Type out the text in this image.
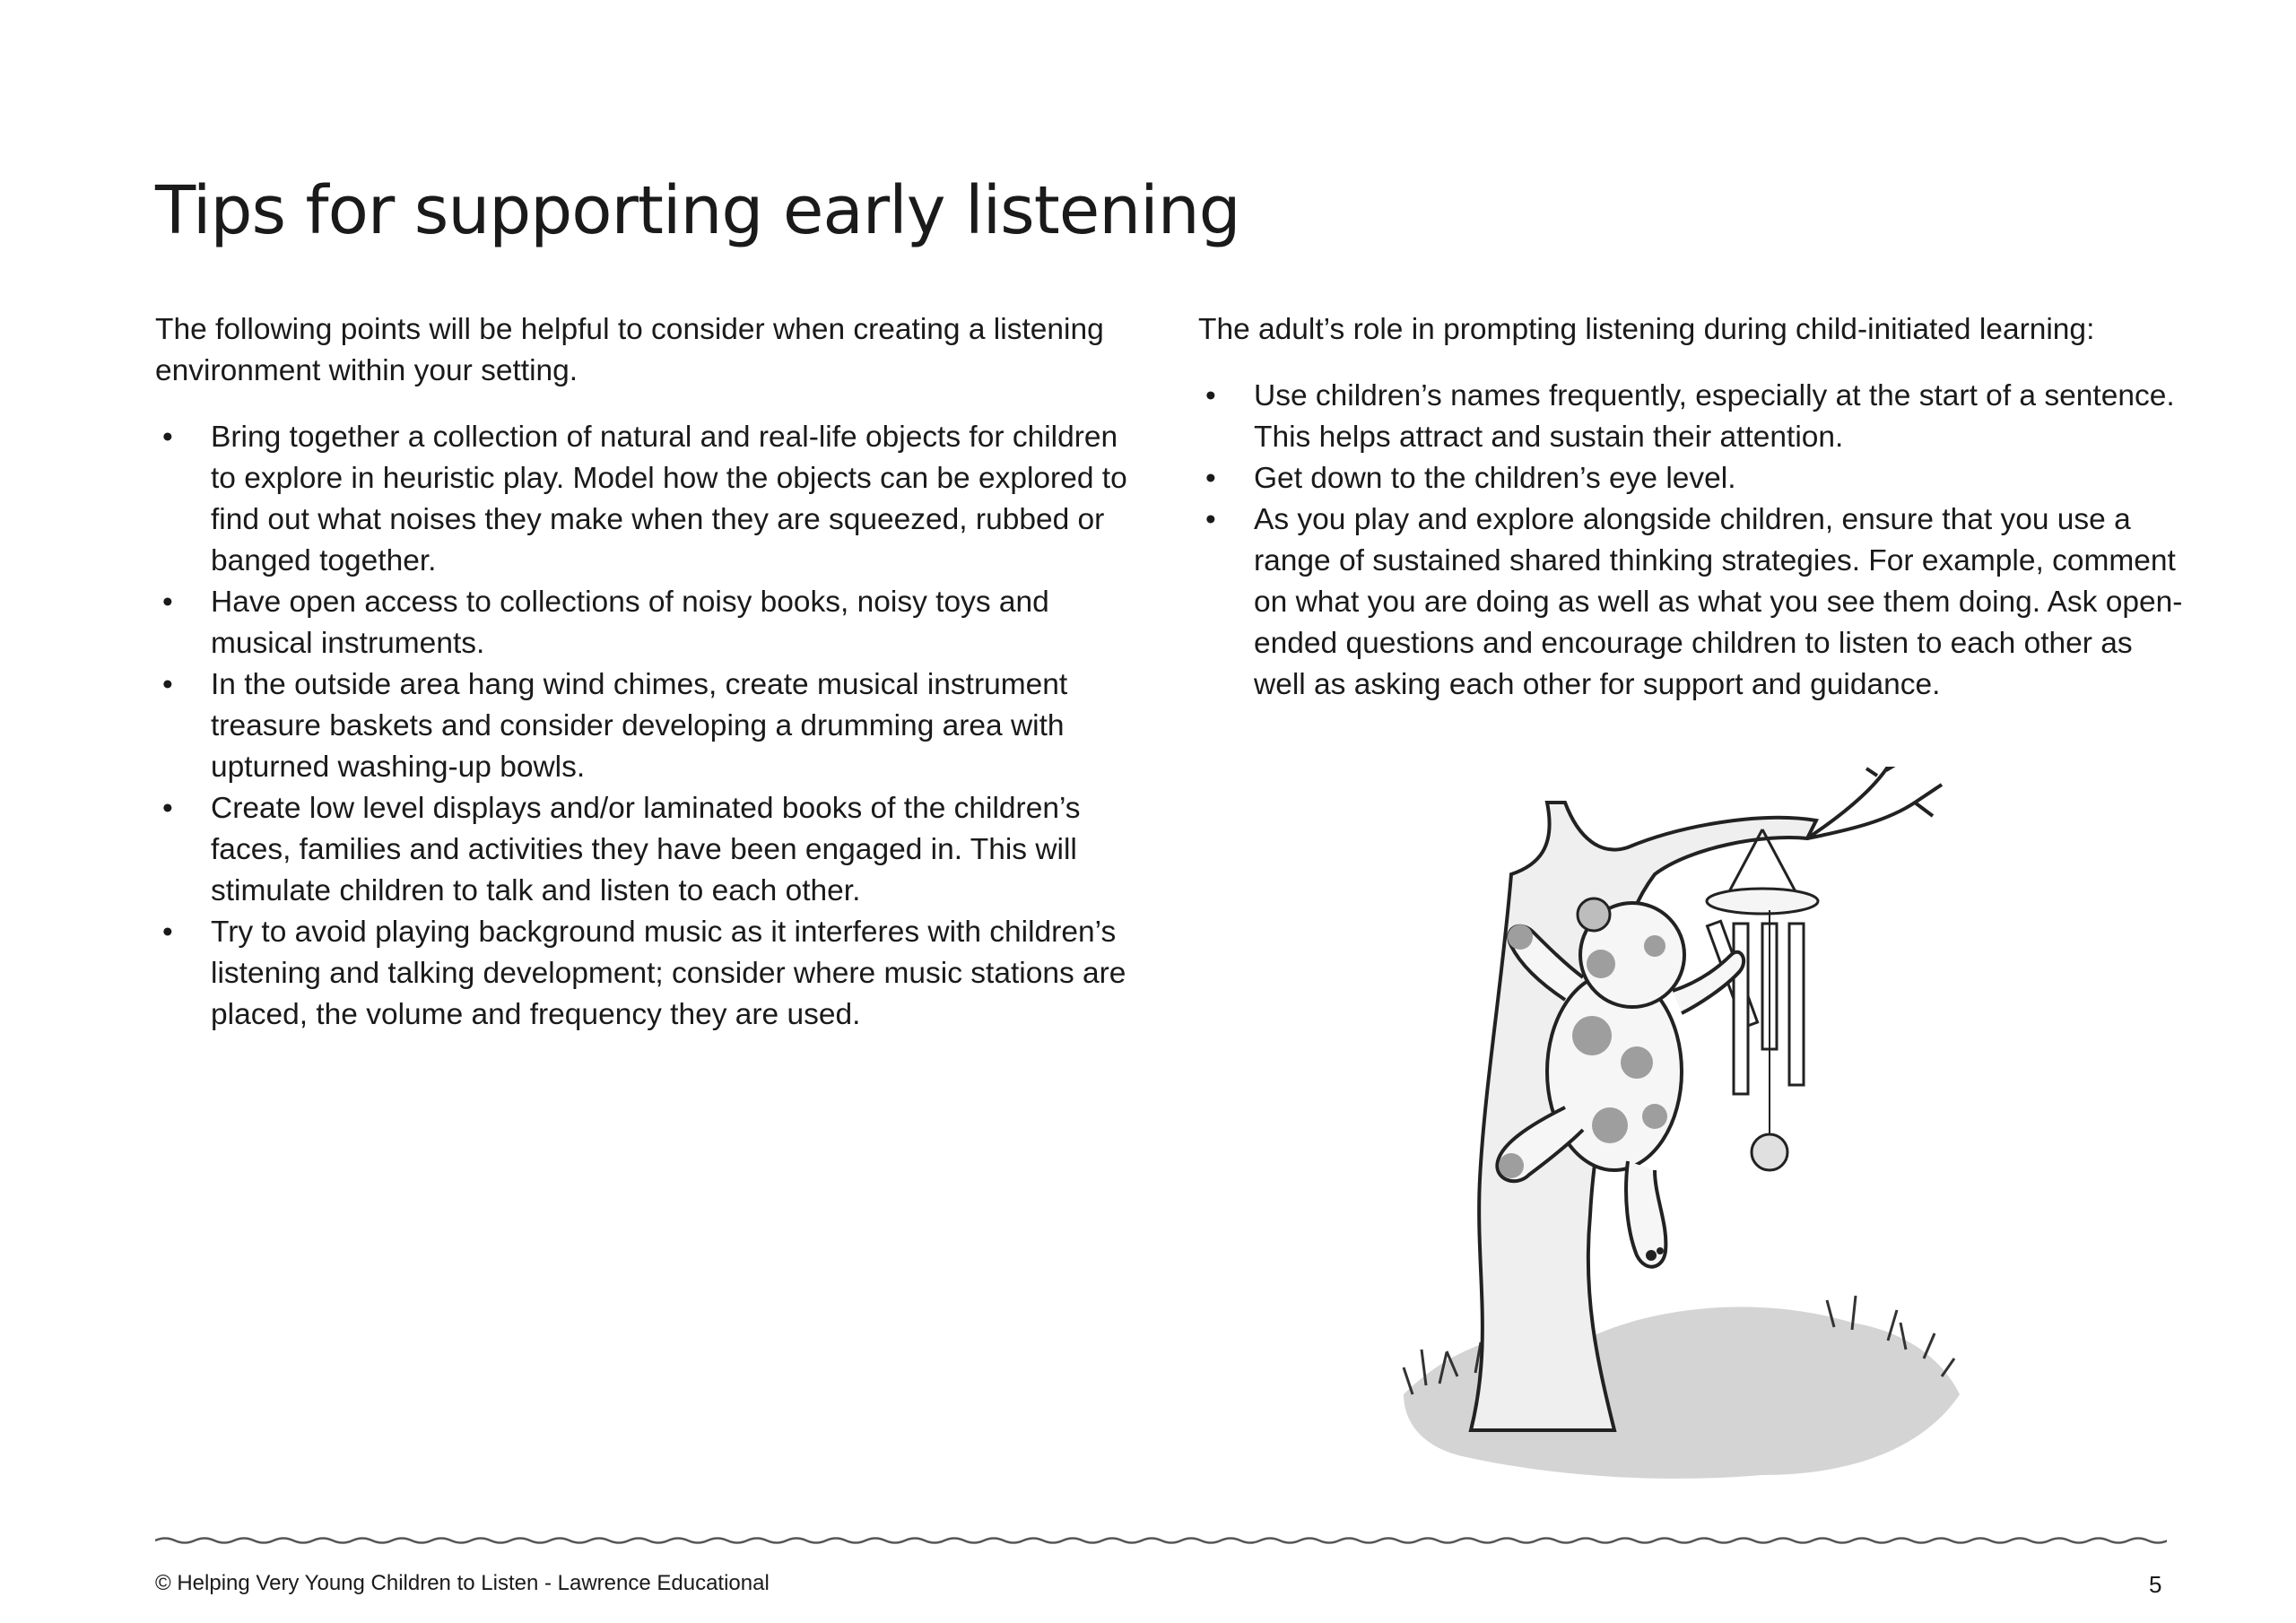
Tips for supporting early listening

The following points will be helpful to consider when creating a listening environment within your setting.

• Bring together a collection of natural and real-life objects for children to explore in heuristic play. Model how the objects can be explored to find out what noises they make when they are squeezed, rubbed or banged together.
• Have open access to collections of noisy books, noisy toys and musical instruments.
• In the outside area hang wind chimes, create musical instrument treasure baskets and consider developing a drumming area with upturned washing-up bowls.
• Create low level displays and/or laminated books of the children’s faces, families and activities they have been engaged in. This will stimulate children to talk and listen to each other.
• Try to avoid playing background music as it interferes with children’s listening and talking development; consider where music stations are placed, the volume and frequency they are used.

The adult’s role in prompting listening during child-initiated learning:

• Use children’s names frequently, especially at the start of a sentence. This helps attract and sustain their attention.
• Get down to the children’s eye level.
• As you play and explore alongside children, ensure that you use a range of sustained shared thinking strategies. For example, comment on what you are doing as well as what you see them doing. Ask open-ended questions and encourage children to listen to each other as well as asking each other for support and guidance.
© Helping Very Young Children to Listen - Lawrence Educational	5
